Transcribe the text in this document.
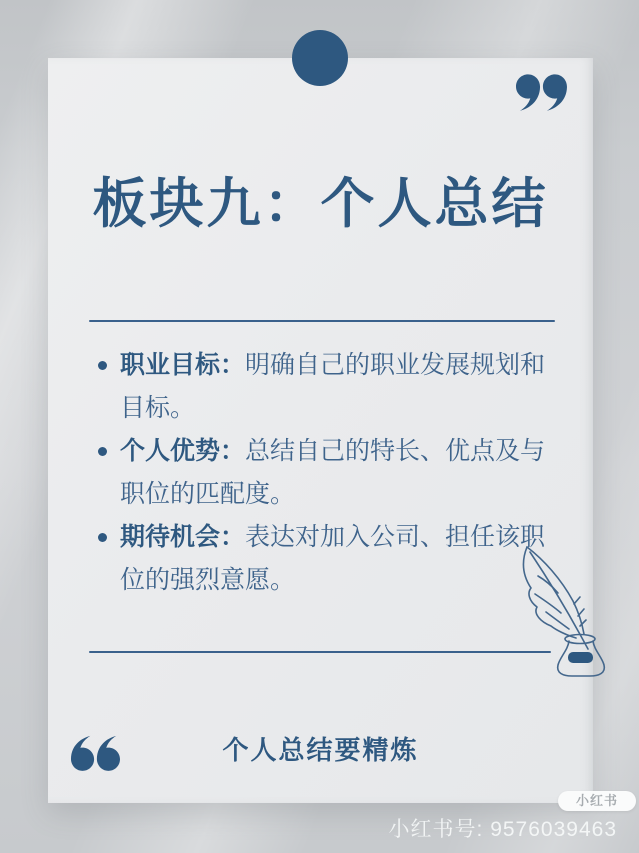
板块九：个人总结
职业目标：明确自己的职业发展规划和目标。
个人优势：总结自己的特长、优点及与职位的匹配度。
期待机会：表达对加入公司、担任该职位的强烈意愿。
个人总结要精炼
小红书
小红书号: 9576039463
